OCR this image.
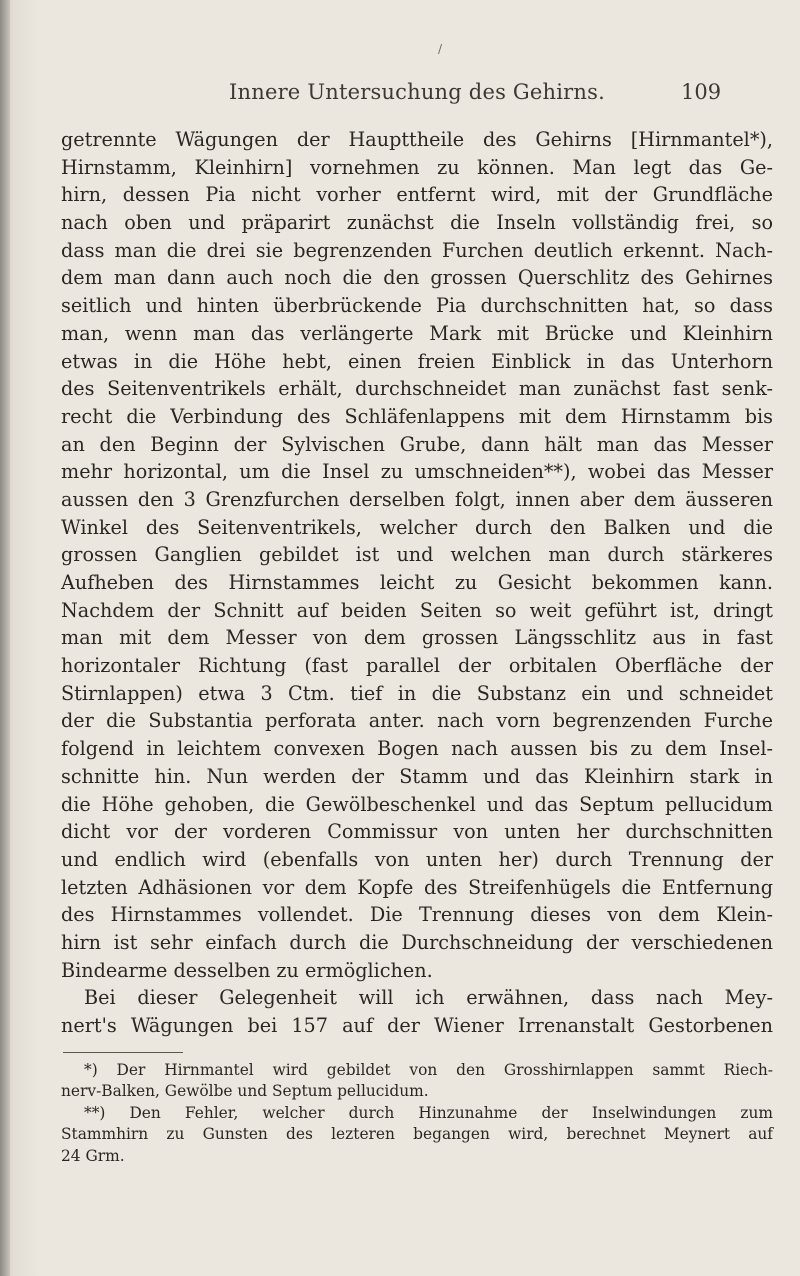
/
Innere Untersuchung des Gehirns.	109
getrennte Wägungen der Haupttheile des Gehirns [Hirnmantel*),
Hirnstamm, Kleinhirn] vornehmen zu können. Man legt das Ge-
hirn, dessen Pia nicht vorher entfernt wird, mit der Grundfläche
nach oben und präparirt zunächst die Inseln vollständig frei, so
dass man die drei sie begrenzenden Furchen deutlich erkennt. Nach-
dem man dann auch noch die den grossen Querschlitz des Gehirnes
seitlich und hinten überbrückende Pia durchschnitten hat, so dass
man, wenn man das verlängerte Mark mit Brücke und Kleinhirn
etwas in die Höhe hebt, einen freien Einblick in das Unterhorn
des Seitenventrikels erhält, durchschneidet man zunächst fast senk-
recht die Verbindung des Schläfenlappens mit dem Hirnstamm bis
an den Beginn der Sylvischen Grube, dann hält man das Messer
mehr horizontal, um die Insel zu umschneiden**), wobei das Messer
aussen den 3 Grenzfurchen derselben folgt, innen aber dem äusseren
Winkel des Seitenventrikels, welcher durch den Balken und die
grossen Ganglien gebildet ist und welchen man durch stärkeres
Aufheben des Hirnstammes leicht zu Gesicht bekommen kann.
Nachdem der Schnitt auf beiden Seiten so weit geführt ist, dringt
man mit dem Messer von dem grossen Längsschlitz aus in fast
horizontaler Richtung (fast parallel der orbitalen Oberfläche der
Stirnlappen) etwa 3 Ctm. tief in die Substanz ein und schneidet
der die Substantia perforata anter. nach vorn begrenzenden Furche
folgend in leichtem convexen Bogen nach aussen bis zu dem Insel-
schnitte hin. Nun werden der Stamm und das Kleinhirn stark in
die Höhe gehoben, die Gewölbeschenkel und das Septum pellucidum
dicht vor der vorderen Commissur von unten her durchschnitten
und endlich wird (ebenfalls von unten her) durch Trennung der
letzten Adhäsionen vor dem Kopfe des Streifenhügels die Entfernung
des Hirnstammes vollendet. Die Trennung dieses von dem Klein-
hirn ist sehr einfach durch die Durchschneidung der verschiedenen
Bindearme desselben zu ermöglichen.
Bei dieser Gelegenheit will ich erwähnen, dass nach Mey-
nert's Wägungen bei 157 auf der Wiener Irrenanstalt Gestorbenen
*) Der Hirnmantel wird gebildet von den Grosshirnlappen sammt Riech-
nerv-Balken, Gewölbe und Septum pellucidum.
**) Den Fehler, welcher durch Hinzunahme der Inselwindungen zum
Stammhirn zu Gunsten des lezteren begangen wird, berechnet Meynert auf
24 Grm.
